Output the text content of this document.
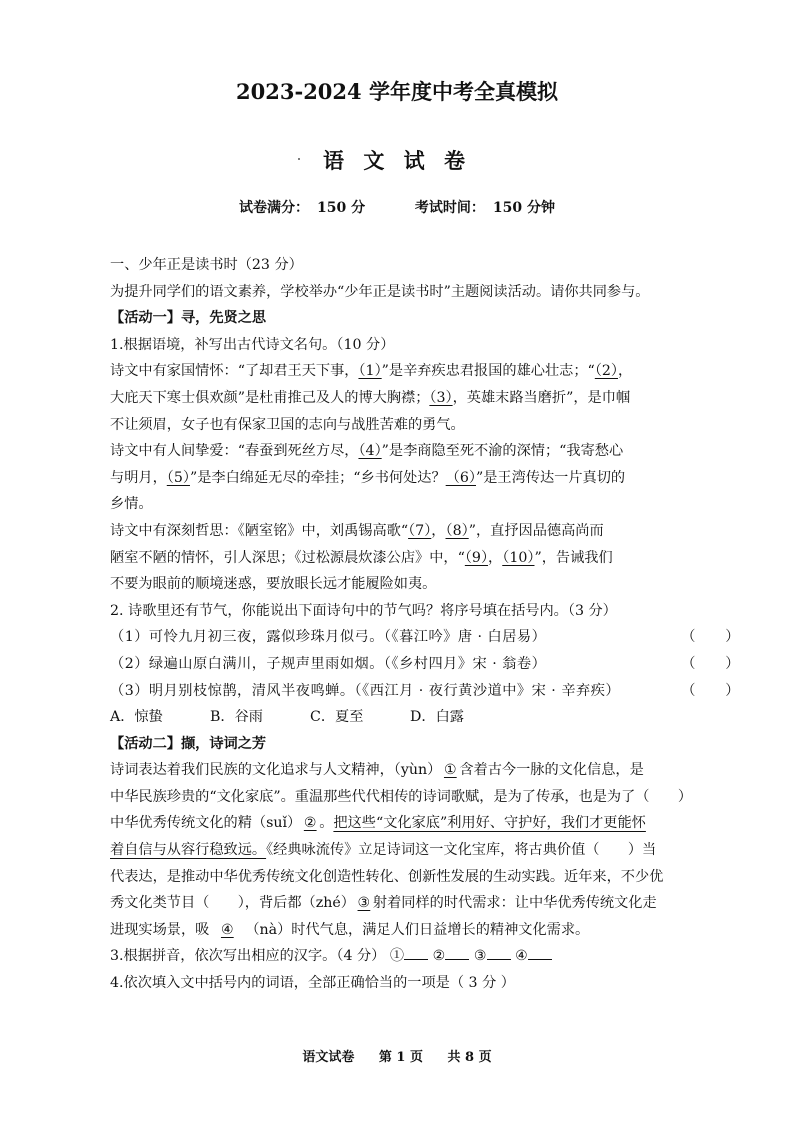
2023-2024 学年度中考全真模拟
语 文 试 卷
试卷满分： 150 分	考试时间： 150 分钟

一、少年正是读书时（23 分）

为提升同学们的语文素养，学校举办“少年正是读书时”主题阅读活动。请你共同参与。

【活动一】寻，先贤之思

1.根据语境，补写出古代诗文名句。（10 分）

诗文中有家国情怀：“了却君王天下事，（1）”是辛弃疾忠君报国的雄心壮志；“（2），
大庇天下寒士俱欢颜”是杜甫推己及人的博大胸襟；（3），英雄末路当磨折”，是巾帼
不让须眉，女子也有保家卫国的志向与战胜苦难的勇气。

诗文中有人间挚爱：“春蚕到死丝方尽，（4）”是李商隐至死不渝的深情；“我寄愁心
与明月，（5）”是李白绵延无尽的牵挂；“乡书何处达？（6）”是王湾传达一片真切的
乡情。

诗文中有深刻哲思：《陋室铭》中，刘禹锡高歌“（7），（8）”，直抒因品德高尚而
陋室不陋的情怀，引人深思；《过松源晨炊漆公店》中，“（9），（10）”，告诫我们
不要为眼前的顺境迷惑，要放眼长远才能履险如夷。

2. 诗歌里还有节气，你能说出下面诗句中的节气吗？将序号填在括号内。（3 分）

（1）可怜九月初三夜，露似珍珠月似弓。（《暮江吟》唐 · 白居易）	（　　）
（2）绿遍山原白满川，子规声里雨如烟。（《乡村四月》宋 · 翁卷）	（　　）
（3）明月别枝惊鹊，清风半夜鸣蝉。（《西江月 · 夜行黄沙道中》宋 · 辛弃疾）	（　　）

A．惊蛰	B．谷雨	C．夏至	D．白露

【活动二】撷，诗词之芳

诗词表达着我们民族的文化追求与人文精神，（yùn） ① 含着古今一脉的文化信息，是
中华民族珍贵的“文化家底”。重温那些代代相传的诗词歌赋，是为了传承，也是为了（　　）
中华优秀传统文化的精（suǐ） ② 。把这些“文化家底”利用好、守护好，我们才更能怀
着自信与从容行稳致远。《经典咏流传》立足诗词这一文化宝库，将古典价值（　　）当
代表达，是推动中华优秀传统文化创造性转化、创新性发展的生动实践。近年来，不少优
秀文化类节目（　　），背后都（zhé） ③ 射着同样的时代需求：让中华优秀传统文化走
进现实场景，吸 ④ （nà）时代气息，满足人们日益增长的精神文化需求。

3.根据拼音，依次写出相应的汉字。（4 分） ① ② ③ ④

4.依次填入文中括号内的词语，全部正确恰当的一项是（ 3 分 ）

语文试卷 第 1 页 共 8 页
